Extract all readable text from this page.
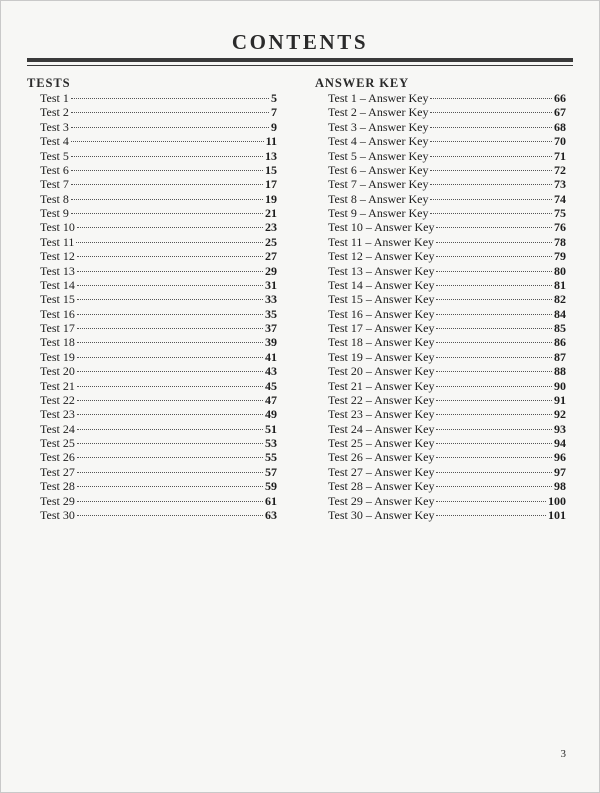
CONTENTS
TESTS
Test 1	5
Test 2	7
Test 3	9
Test 4	11
Test 5	13
Test 6	15
Test 7	17
Test 8	19
Test 9	21
Test 10	23
Test 11	25
Test 12	27
Test 13	29
Test 14	31
Test 15	33
Test 16	35
Test 17	37
Test 18	39
Test 19	41
Test 20	43
Test 21	45
Test 22	47
Test 23	49
Test 24	51
Test 25	53
Test 26	55
Test 27	57
Test 28	59
Test 29	61
Test 30	63
ANSWER KEY
Test 1 – Answer Key	66
Test 2 – Answer Key	67
Test 3 – Answer Key	68
Test 4 – Answer Key	70
Test 5 – Answer Key	71
Test 6 – Answer Key	72
Test 7 – Answer Key	73
Test 8 – Answer Key	74
Test 9 – Answer Key	75
Test 10 – Answer Key	76
Test 11 – Answer Key	78
Test 12 – Answer Key	79
Test 13 – Answer Key	80
Test 14 – Answer Key	81
Test 15 – Answer Key	82
Test 16 – Answer Key	84
Test 17 – Answer Key	85
Test 18 – Answer Key	86
Test 19 – Answer Key	87
Test 20 – Answer Key	88
Test 21 – Answer Key	90
Test 22 – Answer Key	91
Test 23 – Answer Key	92
Test 24 – Answer Key	93
Test 25 – Answer Key	94
Test 26 – Answer Key	96
Test 27 – Answer Key	97
Test 28 – Answer Key	98
Test 29 – Answer Key	100
Test 30 – Answer Key	101
3
